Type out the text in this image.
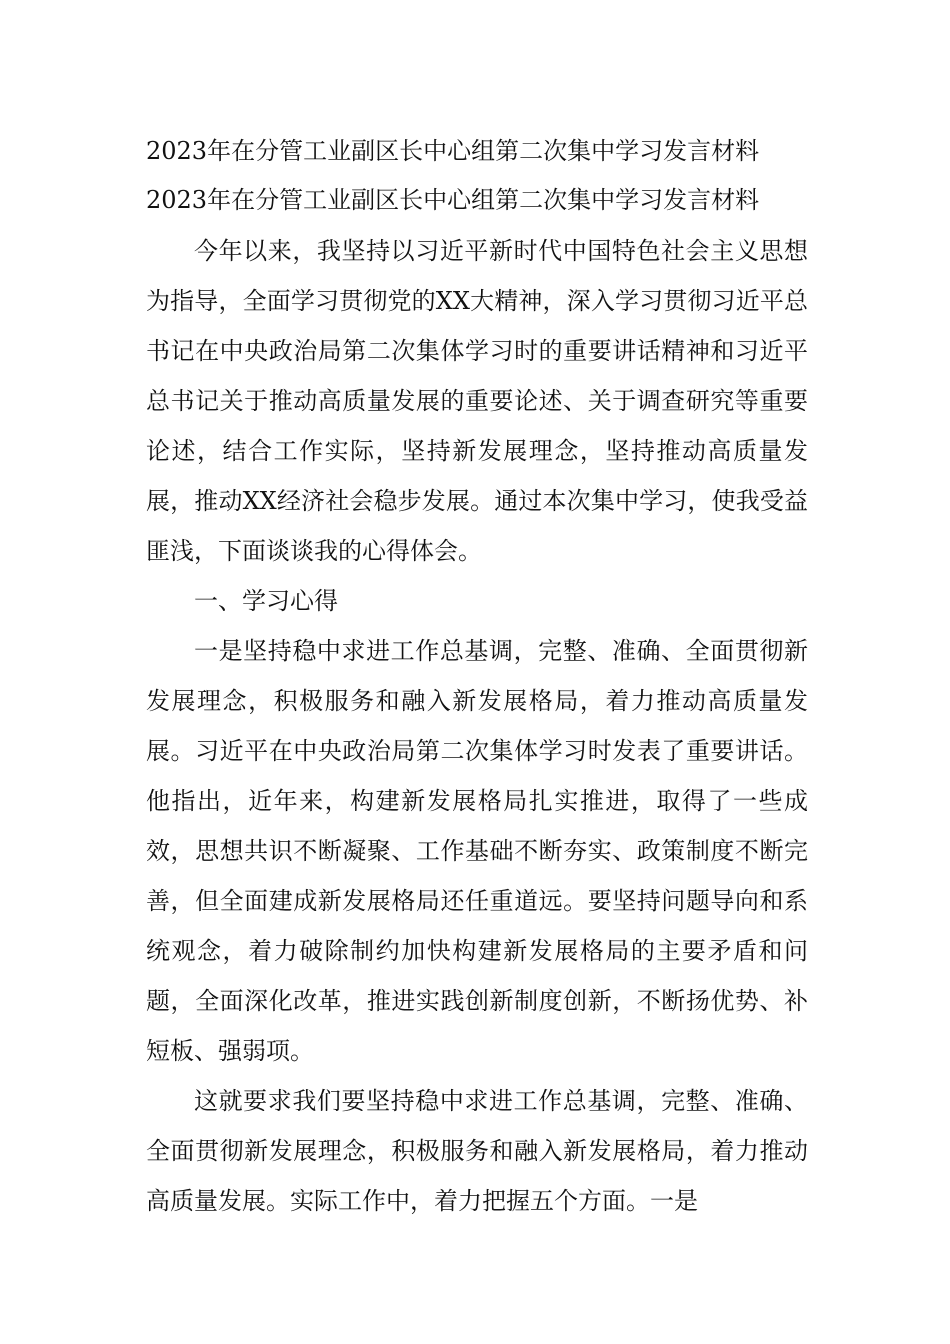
2023年在分管工业副区长中心组第二次集中学习发言材料
2023年在分管工业副区长中心组第二次集中学习发言材料

今年以来，我坚持以习近平新时代中国特色社会主义思想为指导，全面学习贯彻党的XX大精神，深入学习贯彻习近平总书记在中央政治局第二次集体学习时的重要讲话精神和习近平总书记关于推动高质量发展的重要论述、关于调查研究等重要论述，结合工作实际，坚持新发展理念，坚持推动高质量发展，推动XX经济社会稳步发展。通过本次集中学习，使我受益匪浅，下面谈谈我的心得体会。

一、学习心得

一是坚持稳中求进工作总基调，完整、准确、全面贯彻新发展理念，积极服务和融入新发展格局，着力推动高质量发展。习近平在中央政治局第二次集体学习时发表了重要讲话。他指出，近年来，构建新发展格局扎实推进，取得了一些成效，思想共识不断凝聚、工作基础不断夯实、政策制度不断完善，但全面建成新发展格局还任重道远。要坚持问题导向和系统观念，着力破除制约加快构建新发展格局的主要矛盾和问题，全面深化改革，推进实践创新制度创新，不断扬优势、补短板、强弱项。

这就要求我们要坚持稳中求进工作总基调，完整、准确、全面贯彻新发展理念，积极服务和融入新发展格局，着力推动高质量发展。实际工作中，着力把握五个方面。一是
